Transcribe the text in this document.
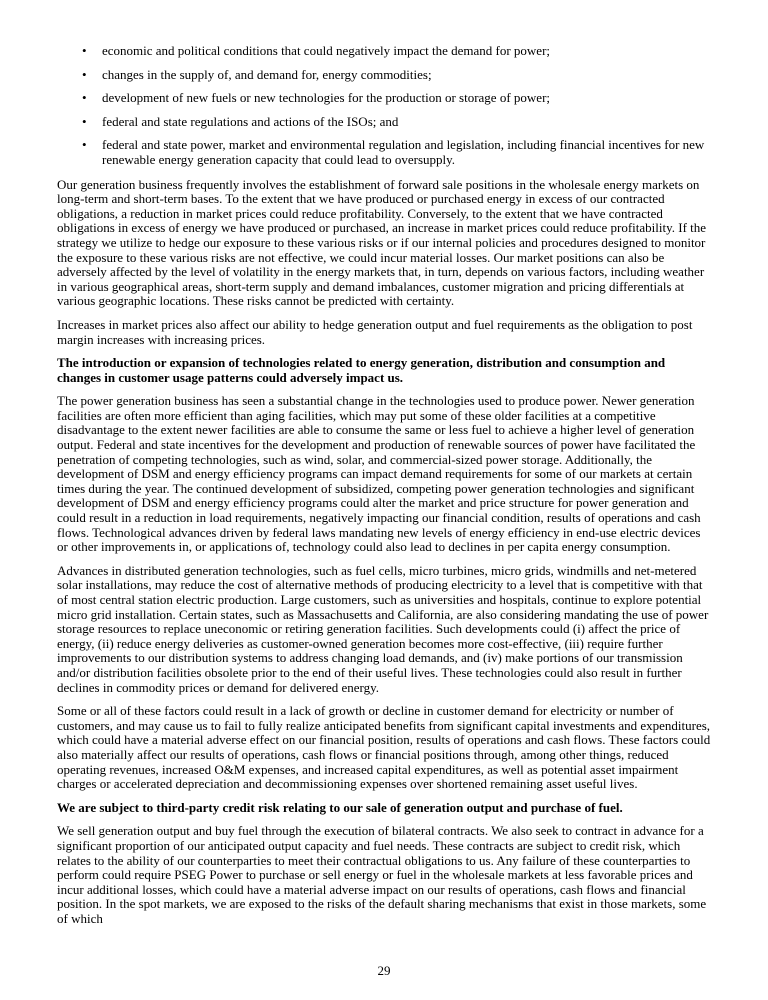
•	economic and political conditions that could negatively impact the demand for power;
•	changes in the supply of, and demand for, energy commodities;
•	development of new fuels or new technologies for the production or storage of power;
•	federal and state regulations and actions of the ISOs; and
•	federal and state power, market and environmental regulation and legislation, including financial incentives for new renewable energy generation capacity that could lead to oversupply.

Our generation business frequently involves the establishment of forward sale positions in the wholesale energy markets on long-term and short-term bases. To the extent that we have produced or purchased energy in excess of our contracted obligations, a reduction in market prices could reduce profitability. Conversely, to the extent that we have contracted obligations in excess of energy we have produced or purchased, an increase in market prices could reduce profitability. If the strategy we utilize to hedge our exposure to these various risks or if our internal policies and procedures designed to monitor the exposure to these various risks are not effective, we could incur material losses. Our market positions can also be adversely affected by the level of volatility in the energy markets that, in turn, depends on various factors, including weather in various geographical areas, short-term supply and demand imbalances, customer migration and pricing differentials at various geographic locations. These risks cannot be predicted with certainty.

Increases in market prices also affect our ability to hedge generation output and fuel requirements as the obligation to post margin increases with increasing prices.

The introduction or expansion of technologies related to energy generation, distribution and consumption and changes in customer usage patterns could adversely impact us.

The power generation business has seen a substantial change in the technologies used to produce power. Newer generation facilities are often more efficient than aging facilities, which may put some of these older facilities at a competitive disadvantage to the extent newer facilities are able to consume the same or less fuel to achieve a higher level of generation output. Federal and state incentives for the development and production of renewable sources of power have facilitated the penetration of competing technologies, such as wind, solar, and commercial-sized power storage. Additionally, the development of DSM and energy efficiency programs can impact demand requirements for some of our markets at certain times during the year. The continued development of subsidized, competing power generation technologies and significant development of DSM and energy efficiency programs could alter the market and price structure for power generation and could result in a reduction in load requirements, negatively impacting our financial condition, results of operations and cash flows. Technological advances driven by federal laws mandating new levels of energy efficiency in end-use electric devices or other improvements in, or applications of, technology could also lead to declines in per capita energy consumption.

Advances in distributed generation technologies, such as fuel cells, micro turbines, micro grids, windmills and net-metered solar installations, may reduce the cost of alternative methods of producing electricity to a level that is competitive with that of most central station electric production. Large customers, such as universities and hospitals, continue to explore potential micro grid installation. Certain states, such as Massachusetts and California, are also considering mandating the use of power storage resources to replace uneconomic or retiring generation facilities. Such developments could (i) affect the price of energy, (ii) reduce energy deliveries as customer-owned generation becomes more cost-effective, (iii) require further improvements to our distribution systems to address changing load demands, and (iv) make portions of our transmission and/or distribution facilities obsolete prior to the end of their useful lives. These technologies could also result in further declines in commodity prices or demand for delivered energy.

Some or all of these factors could result in a lack of growth or decline in customer demand for electricity or number of customers, and may cause us to fail to fully realize anticipated benefits from significant capital investments and expenditures, which could have a material adverse effect on our financial position, results of operations and cash flows. These factors could also materially affect our results of operations, cash flows or financial positions through, among other things, reduced operating revenues, increased O&M expenses, and increased capital expenditures, as well as potential asset impairment charges or accelerated depreciation and decommissioning expenses over shortened remaining asset useful lives.

We are subject to third-party credit risk relating to our sale of generation output and purchase of fuel.

We sell generation output and buy fuel through the execution of bilateral contracts. We also seek to contract in advance for a significant proportion of our anticipated output capacity and fuel needs. These contracts are subject to credit risk, which relates to the ability of our counterparties to meet their contractual obligations to us. Any failure of these counterparties to perform could require PSEG Power to purchase or sell energy or fuel in the wholesale markets at less favorable prices and incur additional losses, which could have a material adverse impact on our results of operations, cash flows and financial position. In the spot markets, we are exposed to the risks of the default sharing mechanisms that exist in those markets, some of which

29
